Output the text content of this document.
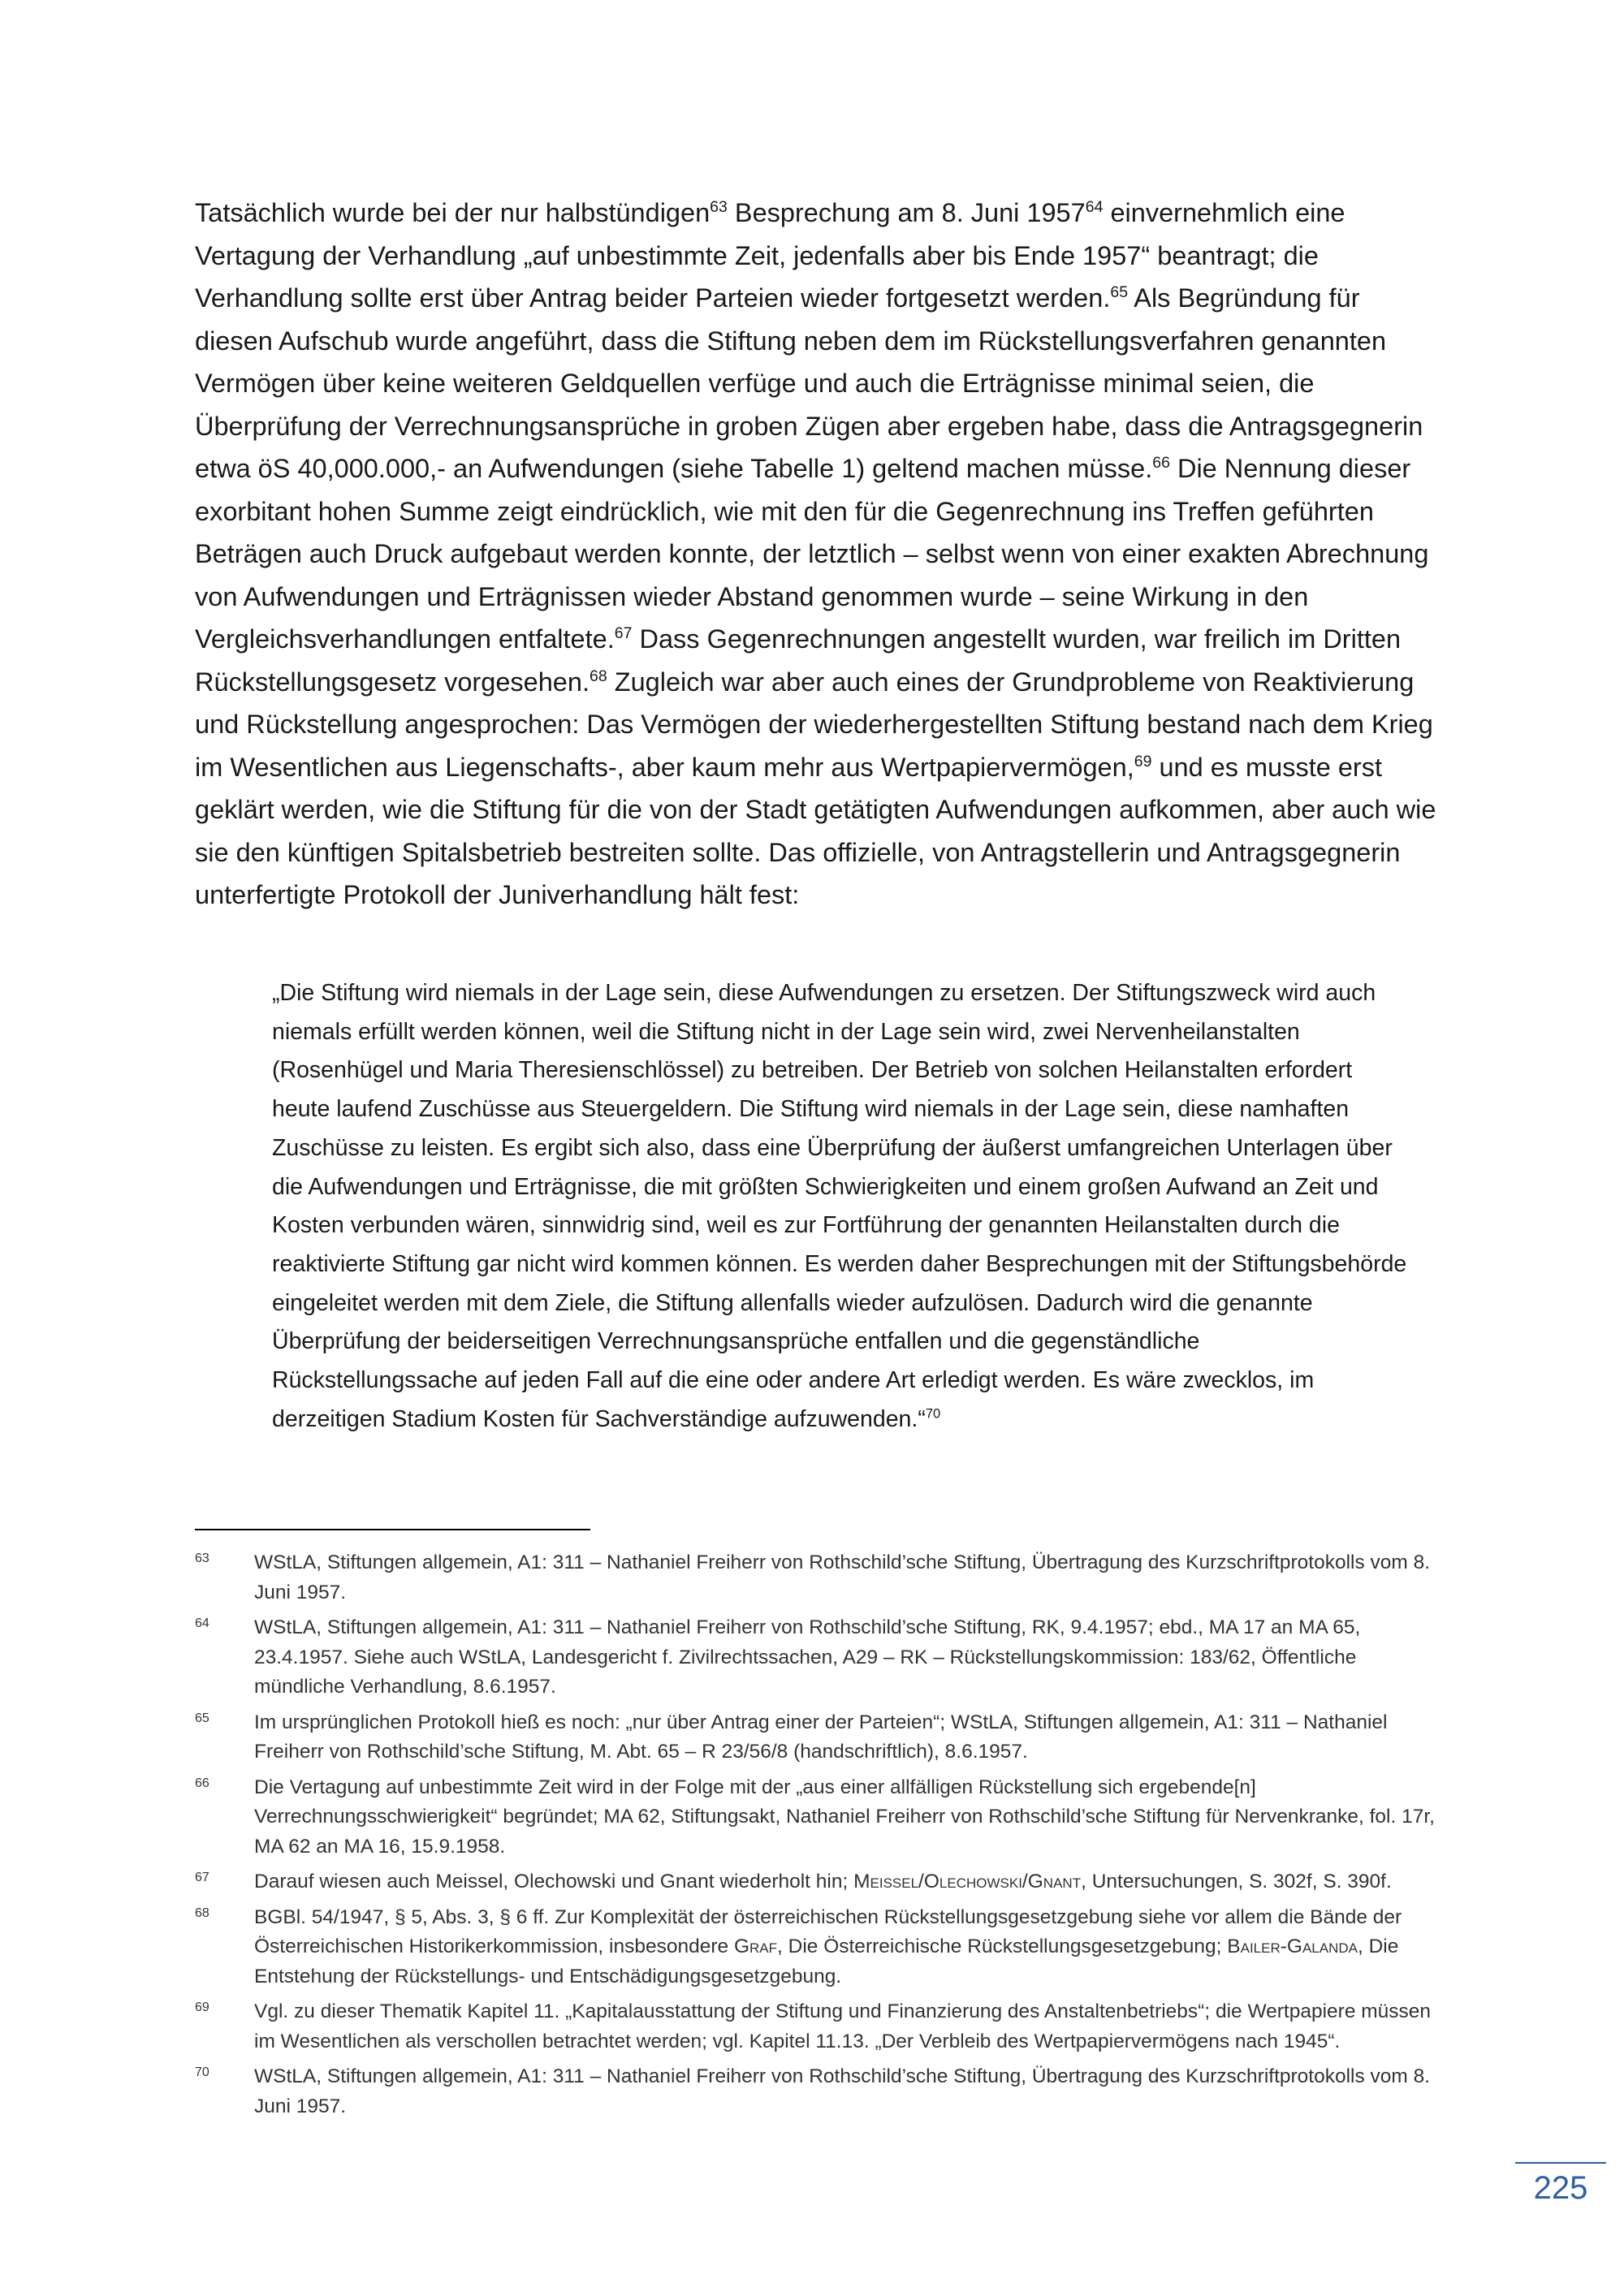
Tatsächlich wurde bei der nur halbstündigen$^{63}$ Besprechung am 8. Juni 1957$^{64}$ einvernehmlich eine Vertagung der Verhandlung „auf unbestimmte Zeit, jedenfalls aber bis Ende 1957“ beantragt; die Verhandlung sollte erst über Antrag beider Parteien wieder fortgesetzt werden.$^{65}$ Als Begründung für diesen Aufschub wurde angeführt, dass die Stiftung neben dem im Rückstellungsverfahren genannten Vermögen über keine weiteren Geldquellen verfüge und auch die Erträgnisse minimal seien, die Überprüfung der Verrechnungsansprüche in groben Zügen aber ergeben habe, dass die Antragsgegnerin etwa öS 40,000.000,- an Aufwendungen (siehe Tabelle 1) geltend machen müsse.$^{66}$ Die Nennung dieser exorbitant hohen Summe zeigt eindrücklich, wie mit den für die Gegenrechnung ins Treffen geführten Beträgen auch Druck aufgebaut werden konnte, der letztlich – selbst wenn von einer exakten Abrechnung von Aufwendungen und Erträgnissen wieder Abstand genommen wurde – seine Wirkung in den Vergleichsverhandlungen entfaltete.$^{67}$ Dass Gegenrechnungen angestellt wurden, war freilich im Dritten Rückstellungsgesetz vorgesehen.$^{68}$ Zugleich war aber auch eines der Grundprobleme von Reaktivierung und Rückstellung angesprochen: Das Vermögen der wiederhergestellten Stiftung bestand nach dem Krieg im Wesentlichen aus Liegenschafts-, aber kaum mehr aus Wertpapiervermögen,$^{69}$ und es musste erst geklärt werden, wie die Stiftung für die von der Stadt getätigten Aufwendungen aufkommen, aber auch wie sie den künftigen Spitalsbetrieb bestreiten sollte. Das offizielle, von Antragstellerin und Antragsgegnerin unterfertigte Protokoll der Juniverhandlung hält fest:

„Die Stiftung wird niemals in der Lage sein, diese Aufwendungen zu ersetzen. Der Stiftungszweck wird auch niemals erfüllt werden können, weil die Stiftung nicht in der Lage sein wird, zwei Nervenheilanstalten (Rosenhügel und Maria Theresienschlössel) zu betreiben. Der Betrieb von solchen Heilanstalten erfordert heute laufend Zuschüsse aus Steuergeldern. Die Stiftung wird niemals in der Lage sein, diese namhaften Zuschüsse zu leisten. Es ergibt sich also, dass eine Überprüfung der äußerst umfangreichen Unterlagen über die Aufwendungen und Erträgnisse, die mit größten Schwierigkeiten und einem großen Aufwand an Zeit und Kosten verbunden wären, sinnwidrig sind, weil es zur Fortführung der genannten Heilanstalten durch die reaktivierte Stiftung gar nicht wird kommen können. Es werden daher Besprechungen mit der Stiftungsbehörde eingeleitet werden mit dem Ziele, die Stiftung allenfalls wieder aufzulösen. Dadurch wird die genannte Überprüfung der beiderseitigen Verrechnungsansprüche entfallen und die gegenständliche Rückstellungssache auf jeden Fall auf die eine oder andere Art erledigt werden. Es wäre zwecklos, im derzeitigen Stadium Kosten für Sachverständige aufzuwenden.“$^{70}$

63	WStLA, Stiftungen allgemein, A1: 311 – Nathaniel Freiherr von Rothschild’sche Stiftung, Übertragung des Kurzschriftprotokolls vom 8. Juni 1957.
64	WStLA, Stiftungen allgemein, A1: 311 – Nathaniel Freiherr von Rothschild’sche Stiftung, RK, 9.4.1957; ebd., MA 17 an MA 65, 23.4.1957. Siehe auch WStLA, Landesgericht f. Zivilrechtssachen, A29 – RK – Rückstellungskommission: 183/62, Öffentliche mündliche Verhandlung, 8.6.1957.
65	Im ursprünglichen Protokoll hieß es noch: „nur über Antrag einer der Parteien“; WStLA, Stiftungen allgemein, A1: 311 – Nathaniel Freiherr von Rothschild’sche Stiftung, M. Abt. 65 – R 23/56/8 (handschriftlich), 8.6.1957.
66	Die Vertagung auf unbestimmte Zeit wird in der Folge mit der „aus einer allfälligen Rückstellung sich ergebende[n] Verrechnungsschwierigkeit“ begründet; MA 62, Stiftungsakt, Nathaniel Freiherr von Rothschild’sche Stiftung für Nervenkranke, fol. 17r, MA 62 an MA 16, 15.9.1958.
67	Darauf wiesen auch Meissel, Olechowski und Gnant wiederholt hin; Meissel/Olechowski/Gnant, Untersuchungen, S. 302f, S. 390f.
68	BGBl. 54/1947, § 5, Abs. 3, § 6 ff. Zur Komplexität der österreichischen Rückstellungsgesetzgebung siehe vor allem die Bände der Österreichischen Historikerkommission, insbesondere Graf, Die Österreichische Rückstellungsgesetzgebung; Bailer-Galanda, Die Entstehung der Rückstellungs- und Entschädigungsgesetzgebung.
69	Vgl. zu dieser Thematik Kapitel 11. „Kapitalausstattung der Stiftung und Finanzierung des Anstaltenbetriebs“; die Wertpapiere müssen im Wesentlichen als verschollen betrachtet werden; vgl. Kapitel 11.13. „Der Verbleib des Wertpapiervermögens nach 1945“.
70	WStLA, Stiftungen allgemein, A1: 311 – Nathaniel Freiherr von Rothschild’sche Stiftung, Übertragung des Kurzschriftprotokolls vom 8. Juni 1957.
225
